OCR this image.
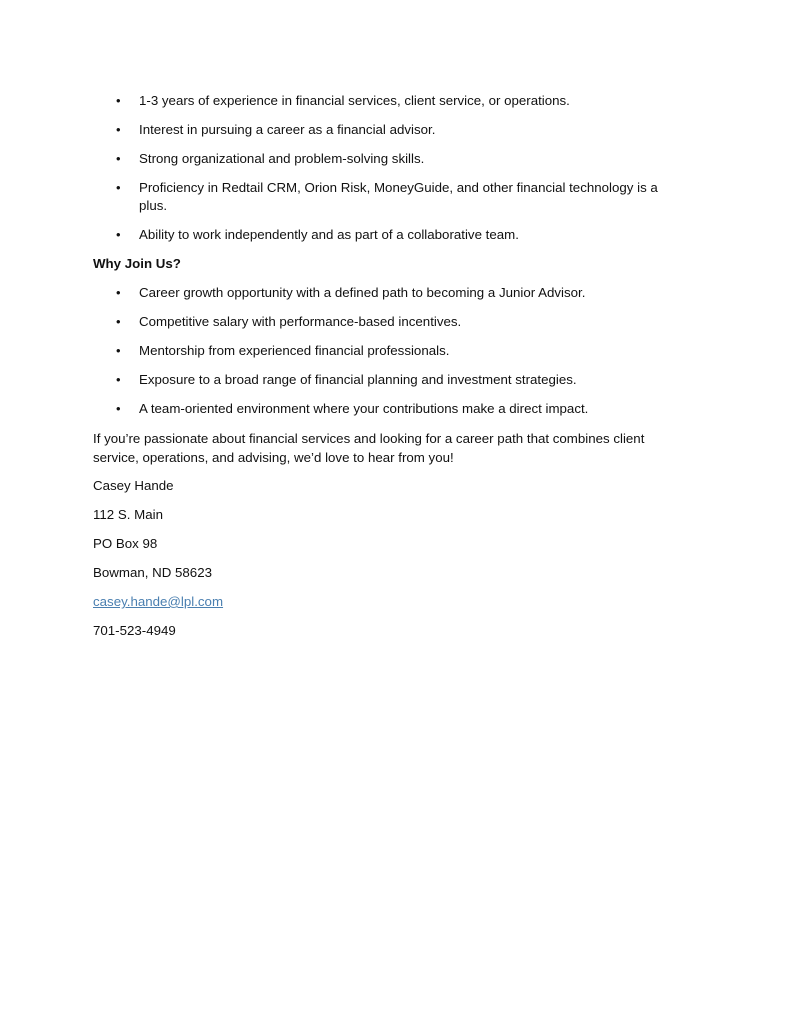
• 1-3 years of experience in financial services, client service, or operations.
• Interest in pursuing a career as a financial advisor.
• Strong organizational and problem-solving skills.
• Proficiency in Redtail CRM, Orion Risk, MoneyGuide, and other financial technology is a plus.
• Ability to work independently and as part of a collaborative team.
Why Join Us?
• Career growth opportunity with a defined path to becoming a Junior Advisor.
• Competitive salary with performance-based incentives.
• Mentorship from experienced financial professionals.
• Exposure to a broad range of financial planning and investment strategies.
• A team-oriented environment where your contributions make a direct impact.

If you’re passionate about financial services and looking for a career path that combines client service, operations, and advising, we’d love to hear from you!

Casey Hande
112 S. Main
PO Box 98
Bowman, ND 58623
casey.hande@lpl.com
701-523-4949
